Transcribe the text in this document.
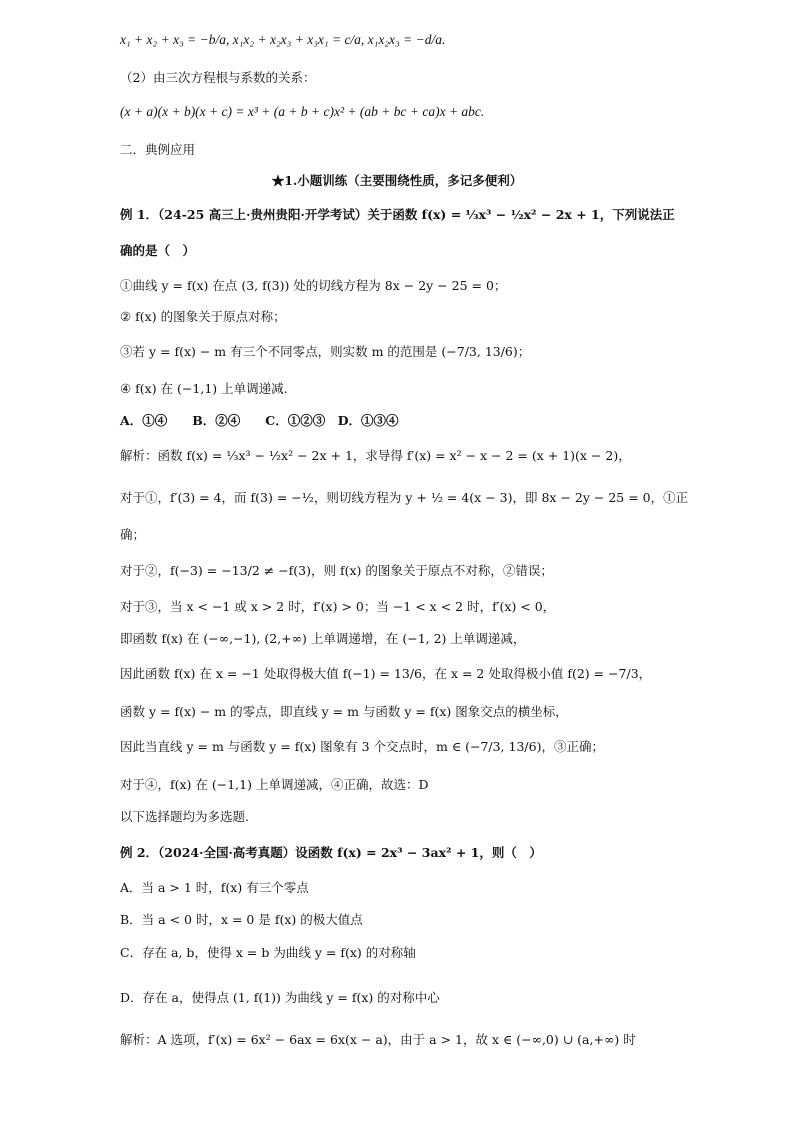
x₁ + x₂ + x₃ = −b/a, x₁x₂ + x₂x₃ + x₃x₁ = c/a, x₁x₂x₃ = −d/a.
（2）由三次方程根与系数的关系：
(x + a)(x + b)(x + c) = x³ + (a + b + c)x² + (ab + bc + ca)x + abc.
二．典例应用
★1.小题训练（主要围绕性质，多记多便利）
例 1．（24-25 高三上·贵州贵阳·开学考试）关于函数 f(x) = ⅓x³ − ½x² − 2x + 1，下列说法正
确的是（　）
①曲线 y = f(x) 在点 (3, f(3)) 处的切线方程为 8x − 2y − 25 = 0；
② f(x) 的图象关于原点对称；
③若 y = f(x) − m 有三个不同零点，则实数 m 的范围是 (−7/3, 13/6)；
④ f(x) 在 (−1,1) 上单调递减.
A．①④　　B．②④　　C．①②③　D．①③④
解析：函数 f(x) = ⅓x³ − ½x² − 2x + 1，求导得 f′(x) = x² − x − 2 = (x + 1)(x − 2)，
对于①，f′(3) = 4，而 f(3) = −½，则切线方程为 y + ½ = 4(x − 3)，即 8x − 2y − 25 = 0，①正
确；
对于②，f(−3) = −13/2 ≠ −f(3)，则 f(x) 的图象关于原点不对称，②错误；
对于③，当 x < −1 或 x > 2 时，f′(x) > 0；当 −1 < x < 2 时，f′(x) < 0，
即函数 f(x) 在 (−∞,−1), (2,+∞) 上单调递增，在 (−1, 2) 上单调递减，
因此函数 f(x) 在 x = −1 处取得极大值 f(−1) = 13/6，在 x = 2 处取得极小值 f(2) = −7/3，
函数 y = f(x) − m 的零点，即直线 y = m 与函数 y = f(x) 图象交点的横坐标，
因此当直线 y = m 与函数 y = f(x) 图象有 3 个交点时，m ∈ (−7/3, 13/6)，③正确；
对于④，f(x) 在 (−1,1) 上单调递减，④正确，故选：D
以下选择题均为多选题.
例 2．（2024·全国·高考真题）设函数 f(x) = 2x³ − 3ax² + 1，则（　）
A．当 a > 1 时，f(x) 有三个零点
B．当 a < 0 时，x = 0 是 f(x) 的极大值点
C．存在 a, b，使得 x = b 为曲线 y = f(x) 的对称轴
D．存在 a，使得点 (1, f(1)) 为曲线 y = f(x) 的对称中心
解析：A 选项，f′(x) = 6x² − 6ax = 6x(x − a)，由于 a > 1，故 x ∈ (−∞,0) ∪ (a,+∞) 时
